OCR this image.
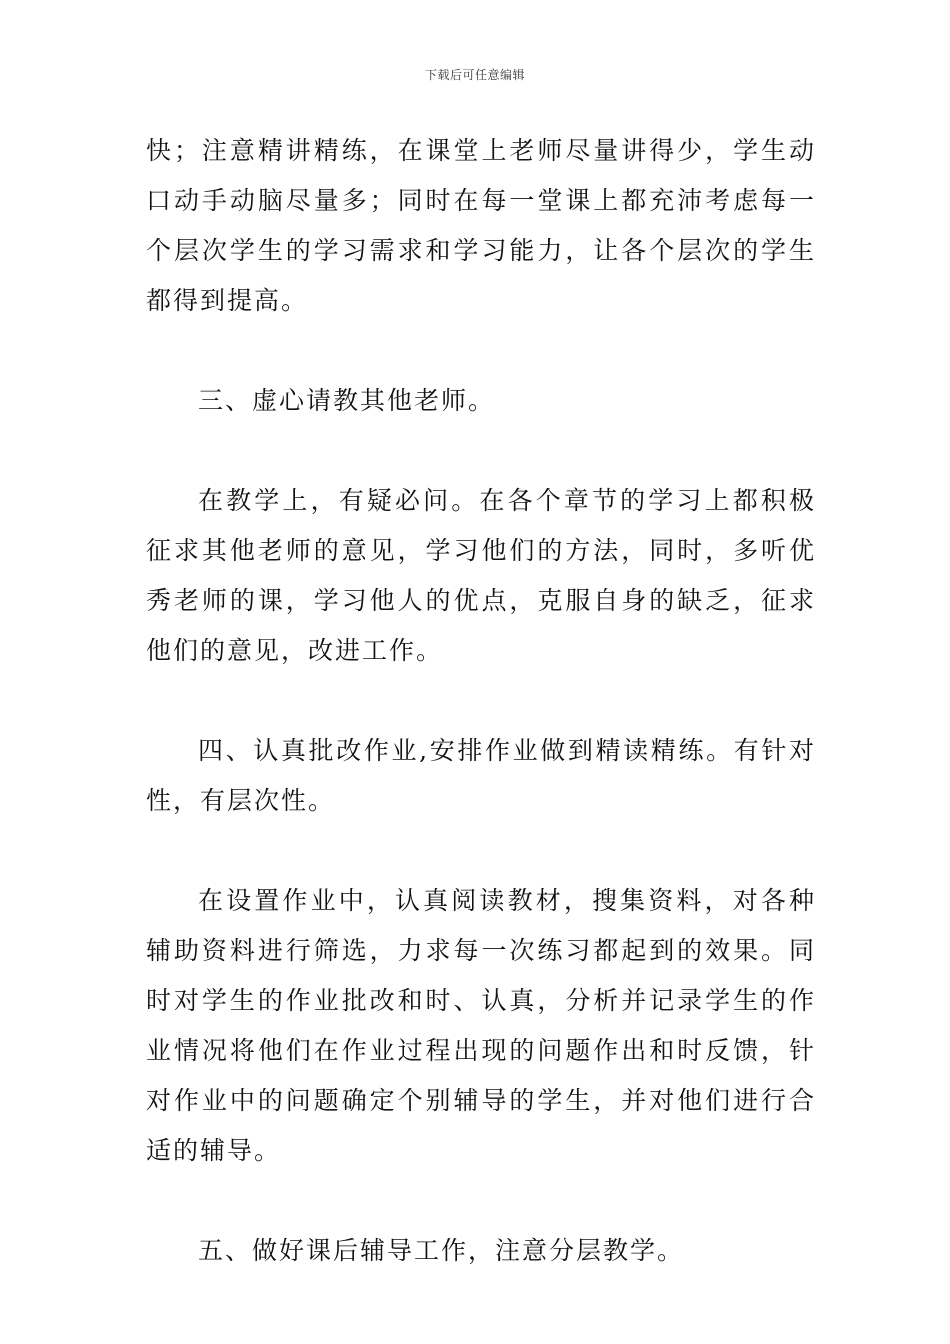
下载后可任意编辑

快；注意精讲精练，在课堂上老师尽量讲得少，学生动口动手动脑尽量多；同时在每一堂课上都充沛考虑每一个层次学生的学习需求和学习能力，让各个层次的学生都得到提高。

三、虚心请教其他老师。

在教学上，有疑必问。在各个章节的学习上都积极征求其他老师的意见，学习他们的方法，同时，多听优秀老师的课，学习他人的优点，克服自身的缺乏，征求他们的意见，改进工作。

四、认真批改作业,安排作业做到精读精练。有针对性，有层次性。

在设置作业中，认真阅读教材，搜集资料，对各种辅助资料进行筛选，力求每一次练习都起到的效果。同时对学生的作业批改和时、认真，分析并记录学生的作业情况将他们在作业过程出现的问题作出和时反馈，针对作业中的问题确定个别辅导的学生，并对他们进行合适的辅导。

五、做好课后辅导工作，注意分层教学。
